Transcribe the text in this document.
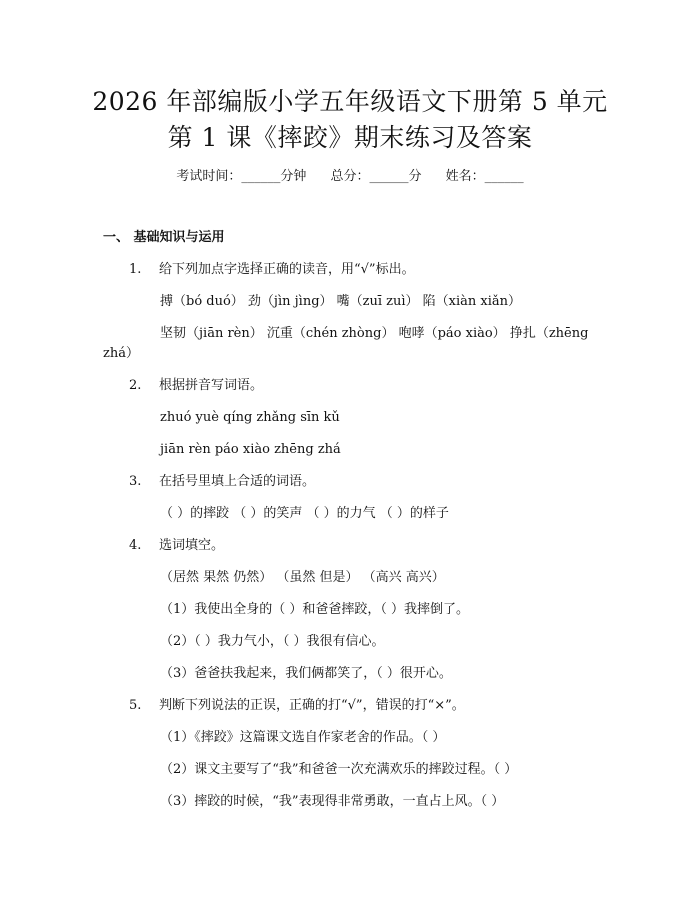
2026 年部编版小学五年级语文下册第 5 单元
第 1 课《摔跤》期末练习及答案
考试时间：______分钟 总分：______分 姓名：______
一、 基础知识与运用
1. 给下列加点字选择正确的读音，用“√”标出。
搏（bó duó） 劲（jìn jìng） 嘴（zuī zuì） 陷（xiàn xiǎn）
坚韧（jiān rèn） 沉重（chén zhòng） 咆哮（páo xiào） 挣扎（zhēng
zhá）
2. 根据拼音写词语。
zhuó yuè qíng zhǎng sīn kǔ
jiān rèn páo xiào zhēng zhá
3. 在括号里填上合适的词语。
（ ）的摔跤 （ ）的笑声 （ ）的力气 （ ）的样子
4. 选词填空。
（居然 果然 仍然） （虽然 但是） （高兴 高兴）
（1）我使出全身的（ ）和爸爸摔跤，（ ）我摔倒了。
（2）（ ）我力气小，（ ）我很有信心。
（3）爸爸扶我起来，我们俩都笑了，（ ）很开心。
5. 判断下列说法的正误，正确的打“√”，错误的打“×”。
（1）《摔跤》这篇课文选自作家老舍的作品。（ ）
（2）课文主要写了“我”和爸爸一次充满欢乐的摔跤过程。（ ）
（3）摔跤的时候，“我”表现得非常勇敢，一直占上风。（ ）
